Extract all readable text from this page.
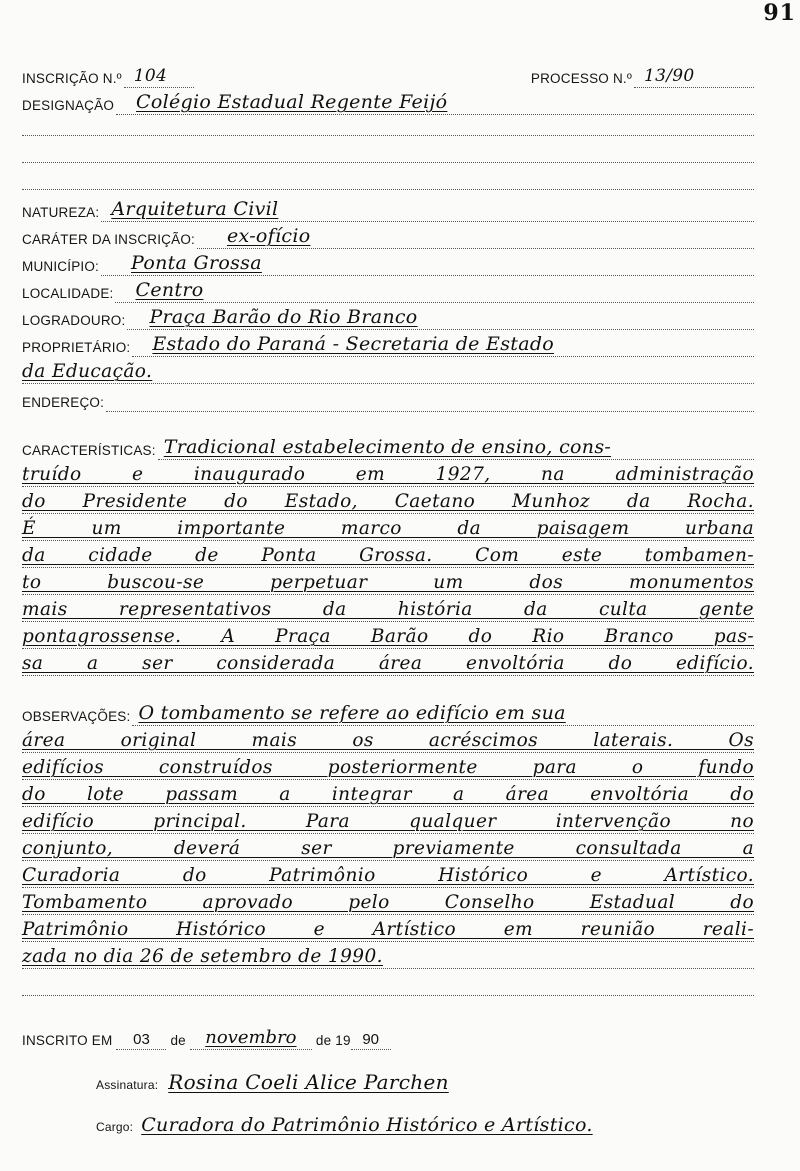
91
INSCRIÇÃO N.º 104	PROCESSO N.º 13/90
DESIGNAÇÃO Colégio Estadual Regente Feijó
NATUREZA: Arquitetura Civil
CARÁTER DA INSCRIÇÃO: ex-ofício
MUNICÍPIO: Ponta Grossa
LOCALIDADE: Centro
LOGRADOURO: Praça Barão do Rio Branco
PROPRIETÁRIO: Estado do Paraná - Secretaria de Estado
da Educação.
ENDEREÇO:
CARACTERÍSTICAS: Tradicional estabelecimento de ensino, cons-
truído e inaugurado em 1927, na administração
do Presidente do Estado, Caetano Munhoz da Rocha.
É um importante marco da paisagem urbana
da cidade de Ponta Grossa. Com este tombamen-
to buscou-se perpetuar um dos monumentos
mais representativos da história da culta gente
pontagrossense. A Praça Barão do Rio Branco pas-
sa a ser considerada área envoltória do edifício.
OBSERVAÇÕES: O tombamento se refere ao edifício em sua
área original mais os acréscimos laterais. Os
edifícios construídos posteriormente para o fundo
do lote passam a integrar a área envoltória do
edifício principal. Para qualquer intervenção no
conjunto, deverá ser previamente consultada a
Curadoria do Patrimônio Histórico e Artístico.
Tombamento aprovado pelo Conselho Estadual do
Patrimônio Histórico e Artístico em reunião reali-
zada no dia 26 de setembro de 1990.
INSCRITO EM	03	de	novembro	de 19 90
Assinatura: Rosina Coeli Alice Parchen
Cargo: Curadora do Patrimônio Histórico e Artístico.
